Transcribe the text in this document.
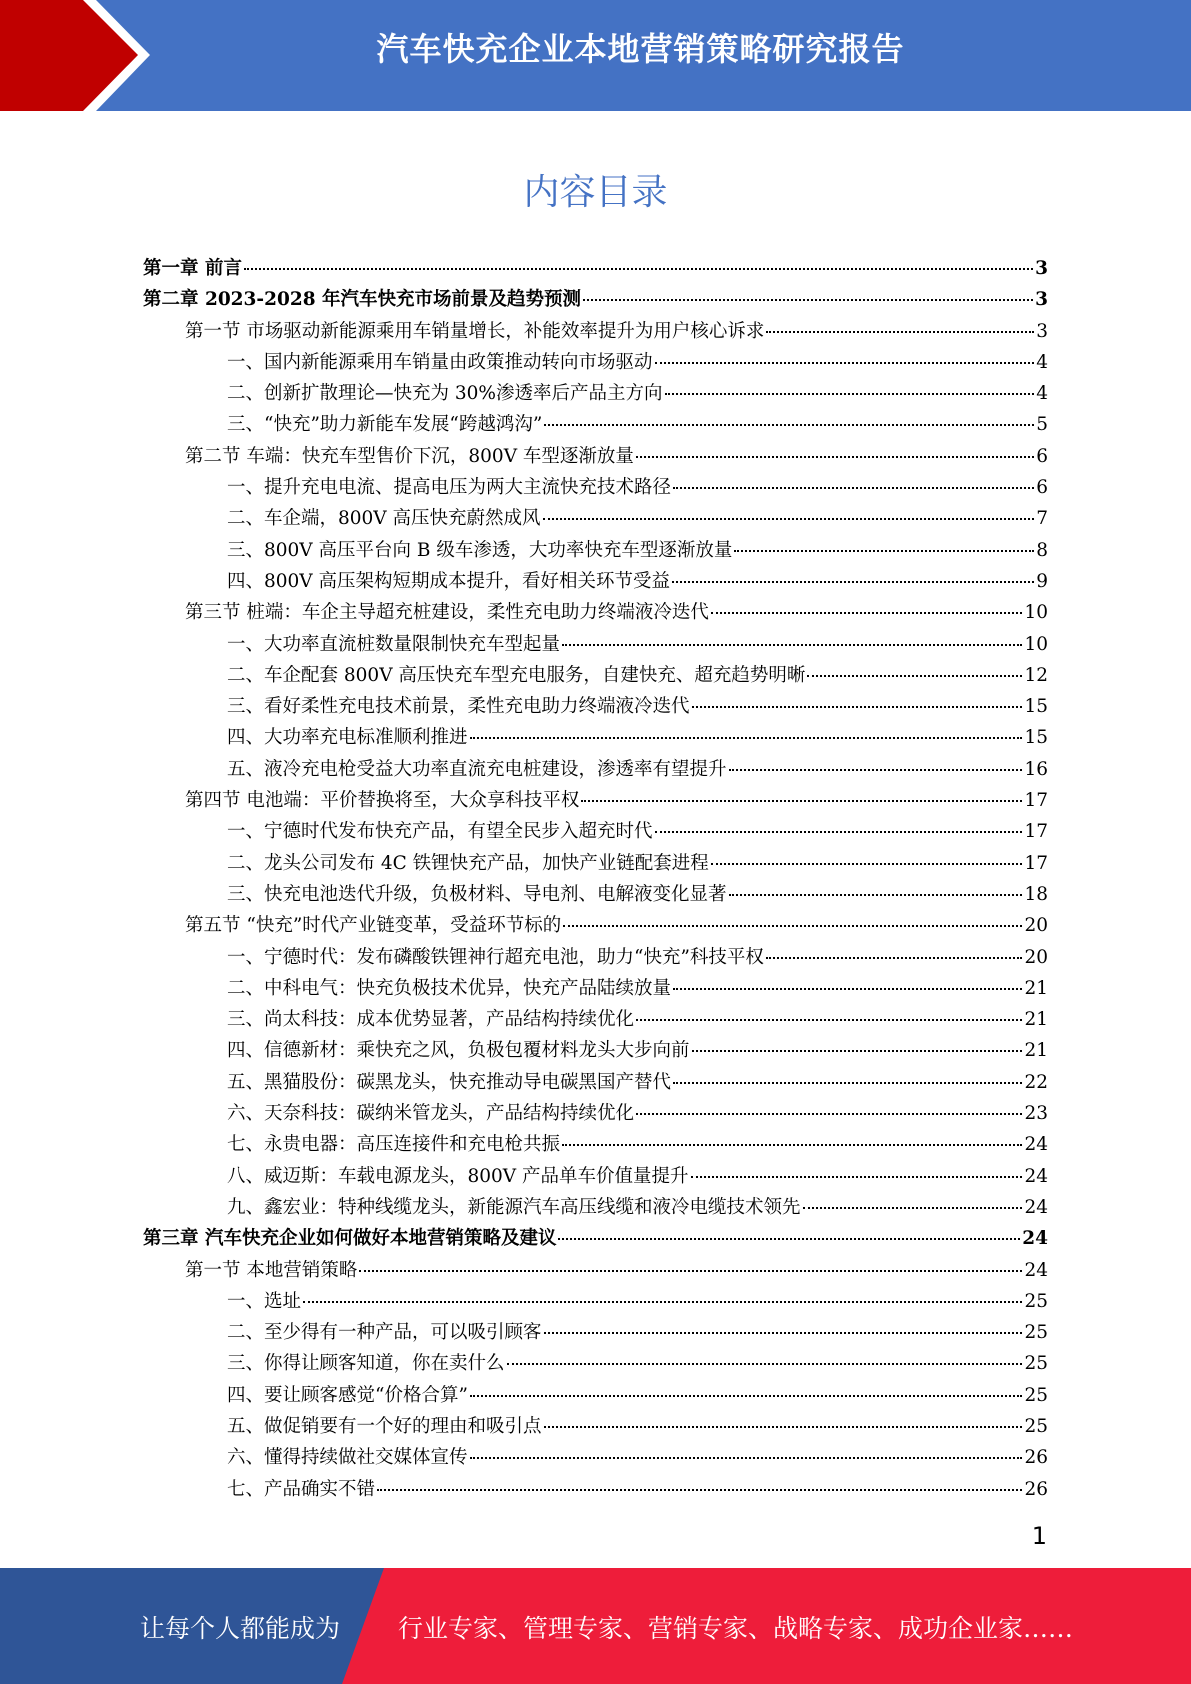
汽车快充企业本地营销策略研究报告
内容目录
第一章 前言	3
第二章 2023-2028 年汽车快充市场前景及趋势预测	3
第一节 市场驱动新能源乘用车销量增长，补能效率提升为用户核心诉求	3
一、国内新能源乘用车销量由政策推动转向市场驱动	4
二、创新扩散理论—快充为 30%渗透率后产品主方向	4
三、“快充”助力新能车发展“跨越鸿沟”	5
第二节 车端：快充车型售价下沉，800V 车型逐渐放量	6
一、提升充电电流、提高电压为两大主流快充技术路径	6
二、车企端，800V 高压快充蔚然成风	7
三、800V 高压平台向 B 级车渗透，大功率快充车型逐渐放量	8
四、800V 高压架构短期成本提升，看好相关环节受益	9
第三节 桩端：车企主导超充桩建设，柔性充电助力终端液冷迭代	10
一、大功率直流桩数量限制快充车型起量	10
二、车企配套 800V 高压快充车型充电服务，自建快充、超充趋势明晰	12
三、看好柔性充电技术前景，柔性充电助力终端液冷迭代	15
四、大功率充电标准顺利推进	15
五、液冷充电枪受益大功率直流充电桩建设，渗透率有望提升	16
第四节 电池端：平价替换将至，大众享科技平权	17
一、宁德时代发布快充产品，有望全民步入超充时代	17
二、龙头公司发布 4C 铁锂快充产品，加快产业链配套进程	17
三、快充电池迭代升级，负极材料、导电剂、电解液变化显著	18
第五节 “快充”时代产业链变革，受益环节标的	20
一、宁德时代：发布磷酸铁锂神行超充电池，助力“快充”科技平权	20
二、中科电气：快充负极技术优异，快充产品陆续放量	21
三、尚太科技：成本优势显著，产品结构持续优化	21
四、信德新材：乘快充之风，负极包覆材料龙头大步向前	21
五、黑猫股份：碳黑龙头，快充推动导电碳黑国产替代	22
六、天奈科技：碳纳米管龙头，产品结构持续优化	23
七、永贵电器：高压连接件和充电枪共振	24
八、威迈斯：车载电源龙头，800V 产品单车价值量提升	24
九、鑫宏业：特种线缆龙头，新能源汽车高压线缆和液冷电缆技术领先	24
第三章 汽车快充企业如何做好本地营销策略及建议	24
第一节 本地营销策略	24
一、选址	25
二、至少得有一种产品，可以吸引顾客	25
三、你得让顾客知道，你在卖什么	25
四、要让顾客感觉“价格合算”	25
五、做促销要有一个好的理由和吸引点	25
六、懂得持续做社交媒体宣传	26
七、产品确实不错	26
1
让每个人都能成为 行业专家、管理专家、营销专家、战略专家、成功企业家……
